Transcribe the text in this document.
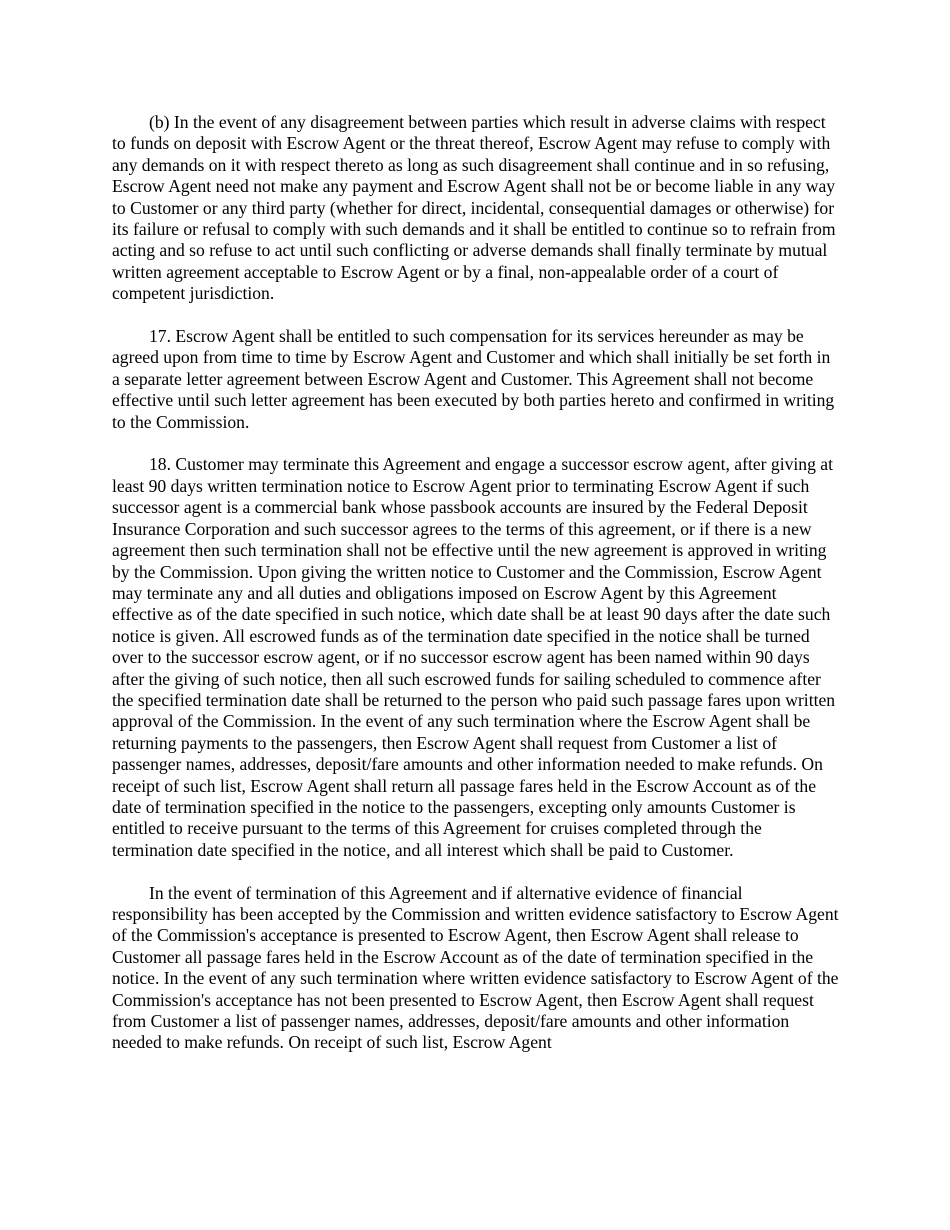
(b) In the event of any disagreement between parties which result in adverse claims with respect to funds on deposit with Escrow Agent or the threat thereof, Escrow Agent may refuse to comply with any demands on it with respect thereto as long as such disagreement shall continue and in so refusing, Escrow Agent need not make any payment and Escrow Agent shall not be or become liable in any way to Customer or any third party (whether for direct, incidental, consequential damages or otherwise) for its failure or refusal to comply with such demands and it shall be entitled to continue so to refrain from acting and so refuse to act until such conflicting or adverse demands shall finally terminate by mutual written agreement acceptable to Escrow Agent or by a final, non-appealable order of a court of competent jurisdiction.

17. Escrow Agent shall be entitled to such compensation for its services hereunder as may be agreed upon from time to time by Escrow Agent and Customer and which shall initially be set forth in a separate letter agreement between Escrow Agent and Customer. This Agreement shall not become effective until such letter agreement has been executed by both parties hereto and confirmed in writing to the Commission.

18. Customer may terminate this Agreement and engage a successor escrow agent, after giving at least 90 days written termination notice to Escrow Agent prior to terminating Escrow Agent if such successor agent is a commercial bank whose passbook accounts are insured by the Federal Deposit Insurance Corporation and such successor agrees to the terms of this agreement, or if there is a new agreement then such termination shall not be effective until the new agreement is approved in writing by the Commission. Upon giving the written notice to Customer and the Commission, Escrow Agent may terminate any and all duties and obligations imposed on Escrow Agent by this Agreement effective as of the date specified in such notice, which date shall be at least 90 days after the date such notice is given. All escrowed funds as of the termination date specified in the notice shall be turned over to the successor escrow agent, or if no successor escrow agent has been named within 90 days after the giving of such notice, then all such escrowed funds for sailing scheduled to commence after the specified termination date shall be returned to the person who paid such passage fares upon written approval of the Commission. In the event of any such termination where the Escrow Agent shall be returning payments to the passengers, then Escrow Agent shall request from Customer a list of passenger names, addresses, deposit/fare amounts and other information needed to make refunds. On receipt of such list, Escrow Agent shall return all passage fares held in the Escrow Account as of the date of termination specified in the notice to the passengers, excepting only amounts Customer is entitled to receive pursuant to the terms of this Agreement for cruises completed through the termination date specified in the notice, and all interest which shall be paid to Customer.

In the event of termination of this Agreement and if alternative evidence of financial responsibility has been accepted by the Commission and written evidence satisfactory to Escrow Agent of the Commission's acceptance is presented to Escrow Agent, then Escrow Agent shall release to Customer all passage fares held in the Escrow Account as of the date of termination specified in the notice. In the event of any such termination where written evidence satisfactory to Escrow Agent of the Commission's acceptance has not been presented to Escrow Agent, then Escrow Agent shall request from Customer a list of passenger names, addresses, deposit/fare amounts and other information needed to make refunds. On receipt of such list, Escrow Agent
